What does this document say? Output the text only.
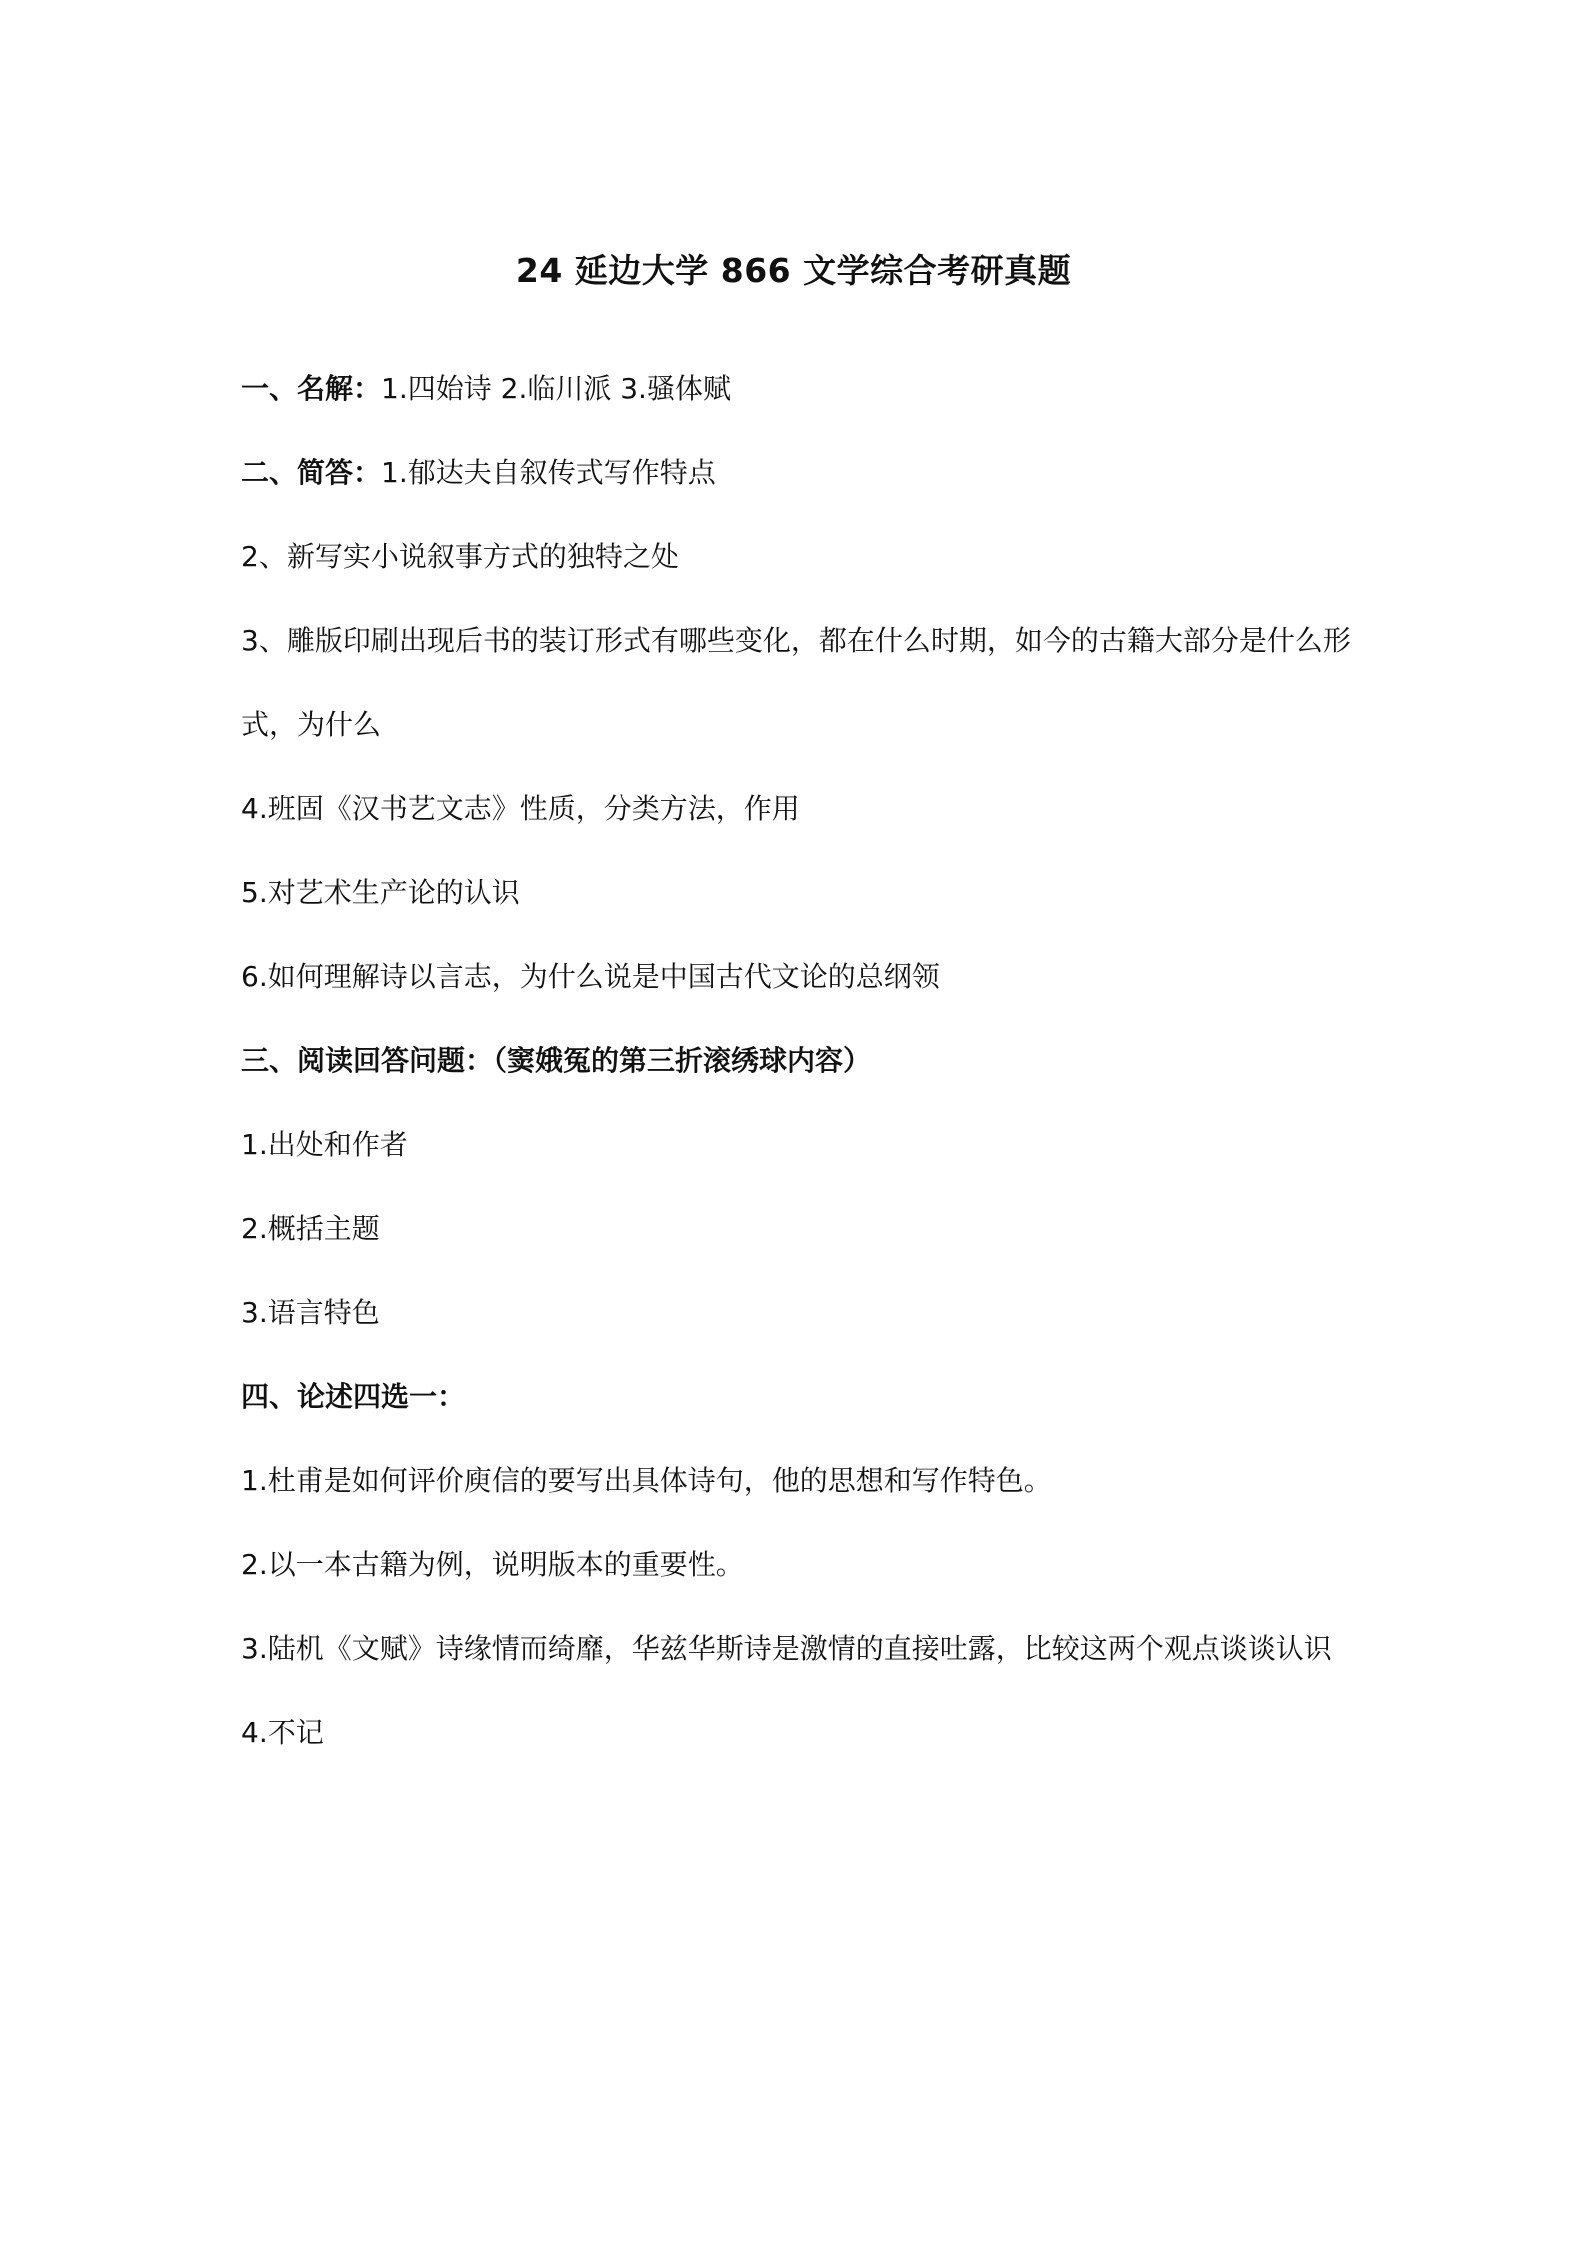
24 延边大学 866 文学综合考研真题
一、名解：1.四始诗 2.临川派 3.骚体赋
二、简答：1.郁达夫自叙传式写作特点
2、新写实小说叙事方式的独特之处
3、雕版印刷出现后书的装订形式有哪些变化，都在什么时期，如今的古籍大部分是什么形
式，为什么
4.班固《汉书艺文志》性质，分类方法，作用
5.对艺术生产论的认识
6.如何理解诗以言志，为什么说是中国古代文论的总纲领
三、阅读回答问题：（窦娥冤的第三折滚绣球内容）
1.出处和作者
2.概括主题
3.语言特色
四、论述四选一：
1.杜甫是如何评价庾信的要写出具体诗句，他的思想和写作特色。
2.以一本古籍为例，说明版本的重要性。
3.陆机《文赋》诗缘情而绮靡，华兹华斯诗是激情的直接吐露，比较这两个观点谈谈认识
4.不记
